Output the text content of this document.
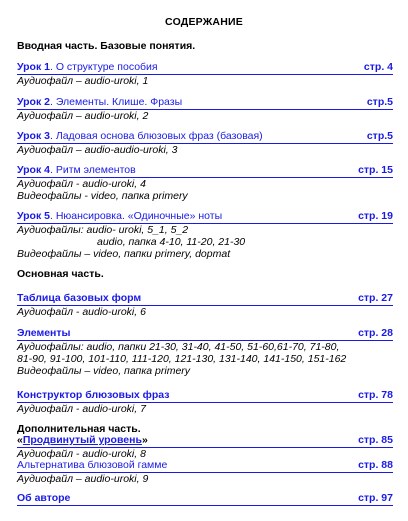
СОДЕРЖАНИЕ
Вводная часть. Базовые понятия.
Урок 1. О структуре пособия	стр. 4
Аудиофайл – audio-uroki, 1
Урок 2. Элементы. Клише. Фразы	стр.5
Аудиофайл – audio-uroki, 2
Урок 3. Ладовая основа блюзовых фраз (базовая)	стр.5
Аудиофайл – audio-audio-uroki, 3
Урок 4. Ритм элементов	стр. 15
Аудиофайл - audio-uroki, 4
Видеофайлы - video, папка primery
Урок 5. Нюансировка. «Одиночные» ноты	стр. 19
Аудиофайлы: audio- uroki, 5_1, 5_2
audio, папка 4-10, 11-20, 21-30
Видеофайлы – video, папки primery, dopmat
Основная часть.
Таблица базовых форм	стр. 27
Аудиофайл - audio-uroki, 6
Элементы	стр. 28
Аудиофайлы: audio, папки 21-30, 31-40, 41-50, 51-60,61-70, 71-80,
81-90, 91-100, 101-110, 111-120, 121-130, 131-140, 141-150, 151-162
Видеофайлы – video, папка primery
Конструктор блюзовых фраз	стр. 78
Аудиофайл - audio-uroki, 7
Дополнительная часть.
«Продвинутый уровень»	стр. 85
Аудиофайл - audio-uroki, 8
Альтернатива блюзовой гамме	стр. 88
Аудиофайл – audio-uroki, 9
Об авторе	стр. 97
